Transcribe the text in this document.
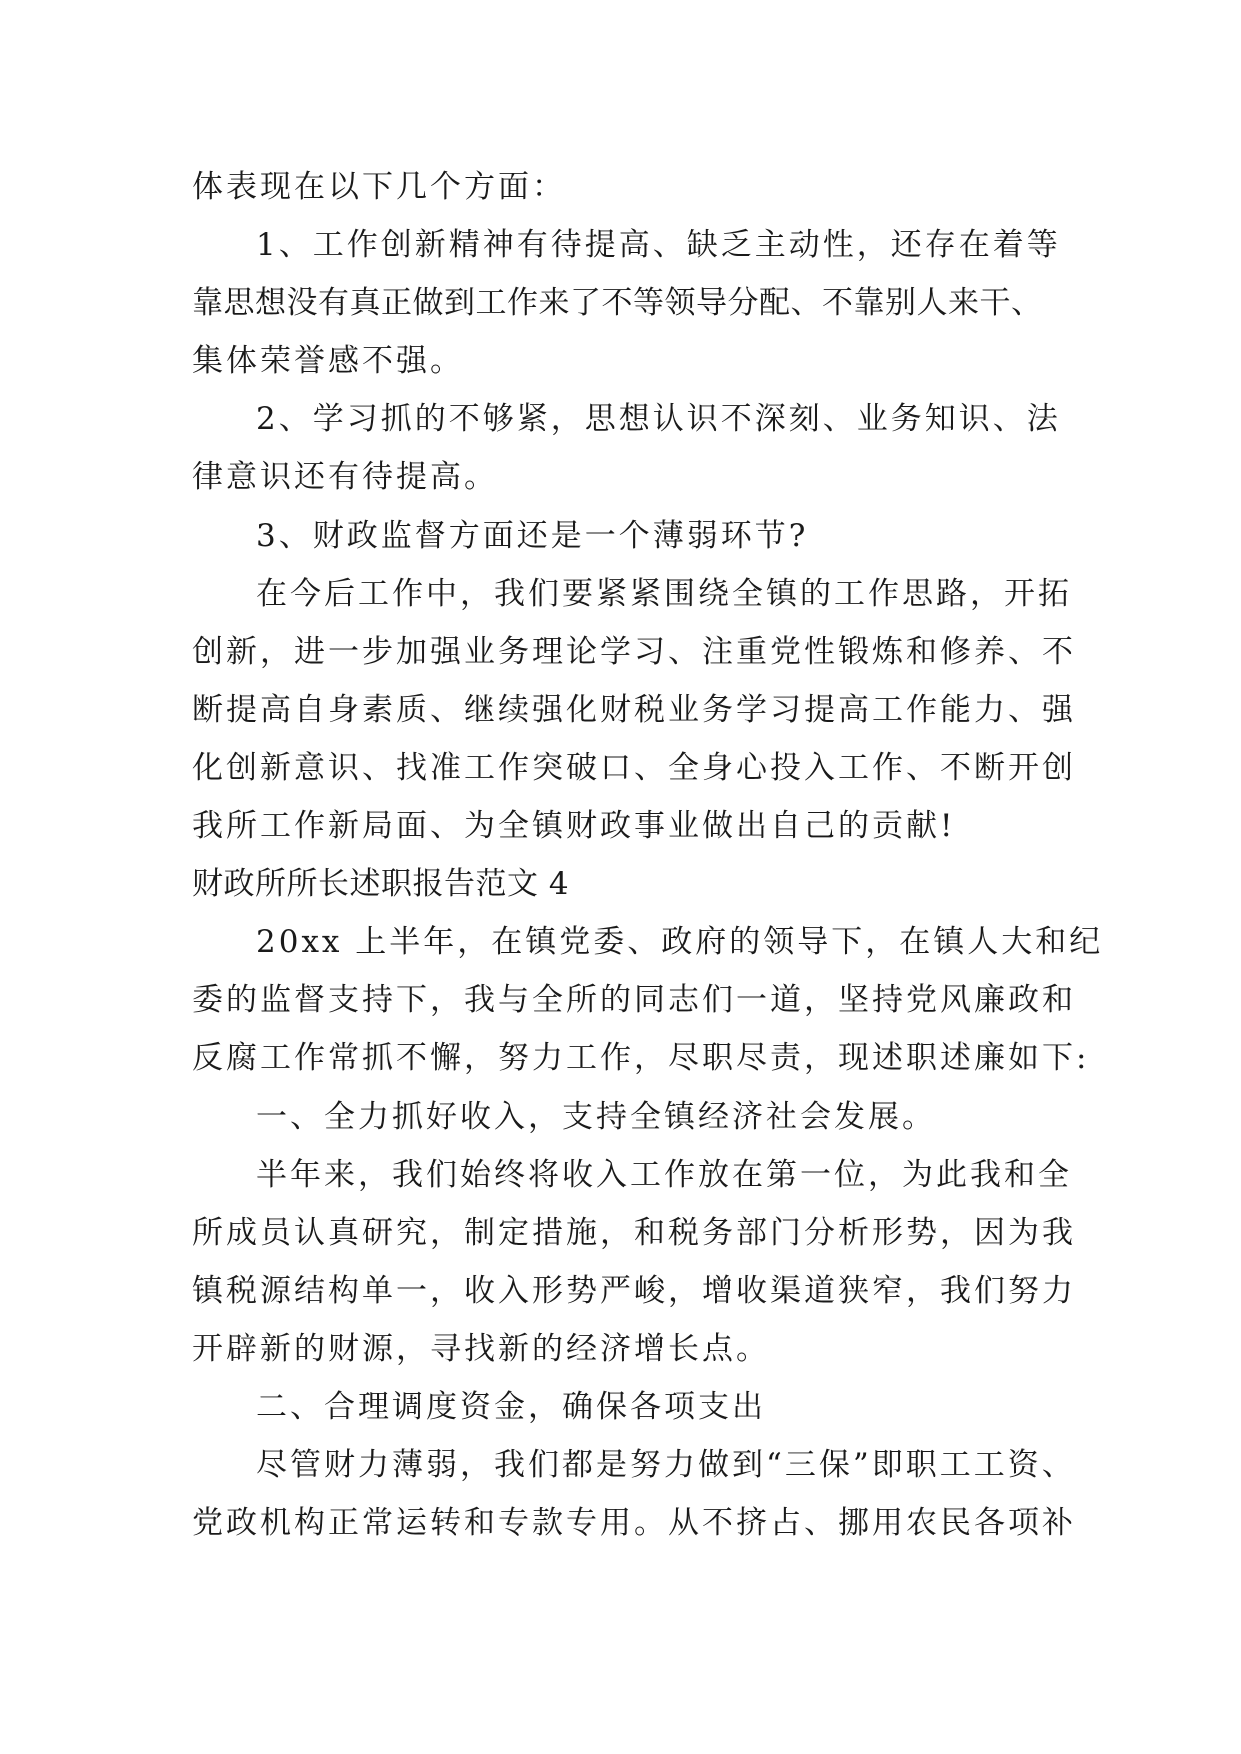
体表现在以下几个方面：
1、工作创新精神有待提高、缺乏主动性，还存在着等
靠思想没有真正做到工作来了不等领导分配、不靠别人来干、
集体荣誉感不强。
2、学习抓的不够紧，思想认识不深刻、业务知识、法
律意识还有待提高。
3、财政监督方面还是一个薄弱环节?
在今后工作中，我们要紧紧围绕全镇的工作思路，开拓
创新，进一步加强业务理论学习、注重党性锻炼和修养、不
断提高自身素质、继续强化财税业务学习提高工作能力、强
化创新意识、找准工作突破口、全身心投入工作、不断开创
我所工作新局面、为全镇财政事业做出自己的贡献!
财政所所长述职报告范文 4
20xx 上半年，在镇党委、政府的领导下，在镇人大和纪
委的监督支持下，我与全所的同志们一道，坚持党风廉政和
反腐工作常抓不懈，努力工作，尽职尽责，现述职述廉如下:
一、全力抓好收入，支持全镇经济社会发展。
半年来，我们始终将收入工作放在第一位，为此我和全
所成员认真研究，制定措施，和税务部门分析形势，因为我
镇税源结构单一，收入形势严峻，增收渠道狭窄，我们努力
开辟新的财源，寻找新的经济增长点。
二、合理调度资金，确保各项支出
尽管财力薄弱，我们都是努力做到“三保”即职工工资、
党政机构正常运转和专款专用。从不挤占、挪用农民各项补
